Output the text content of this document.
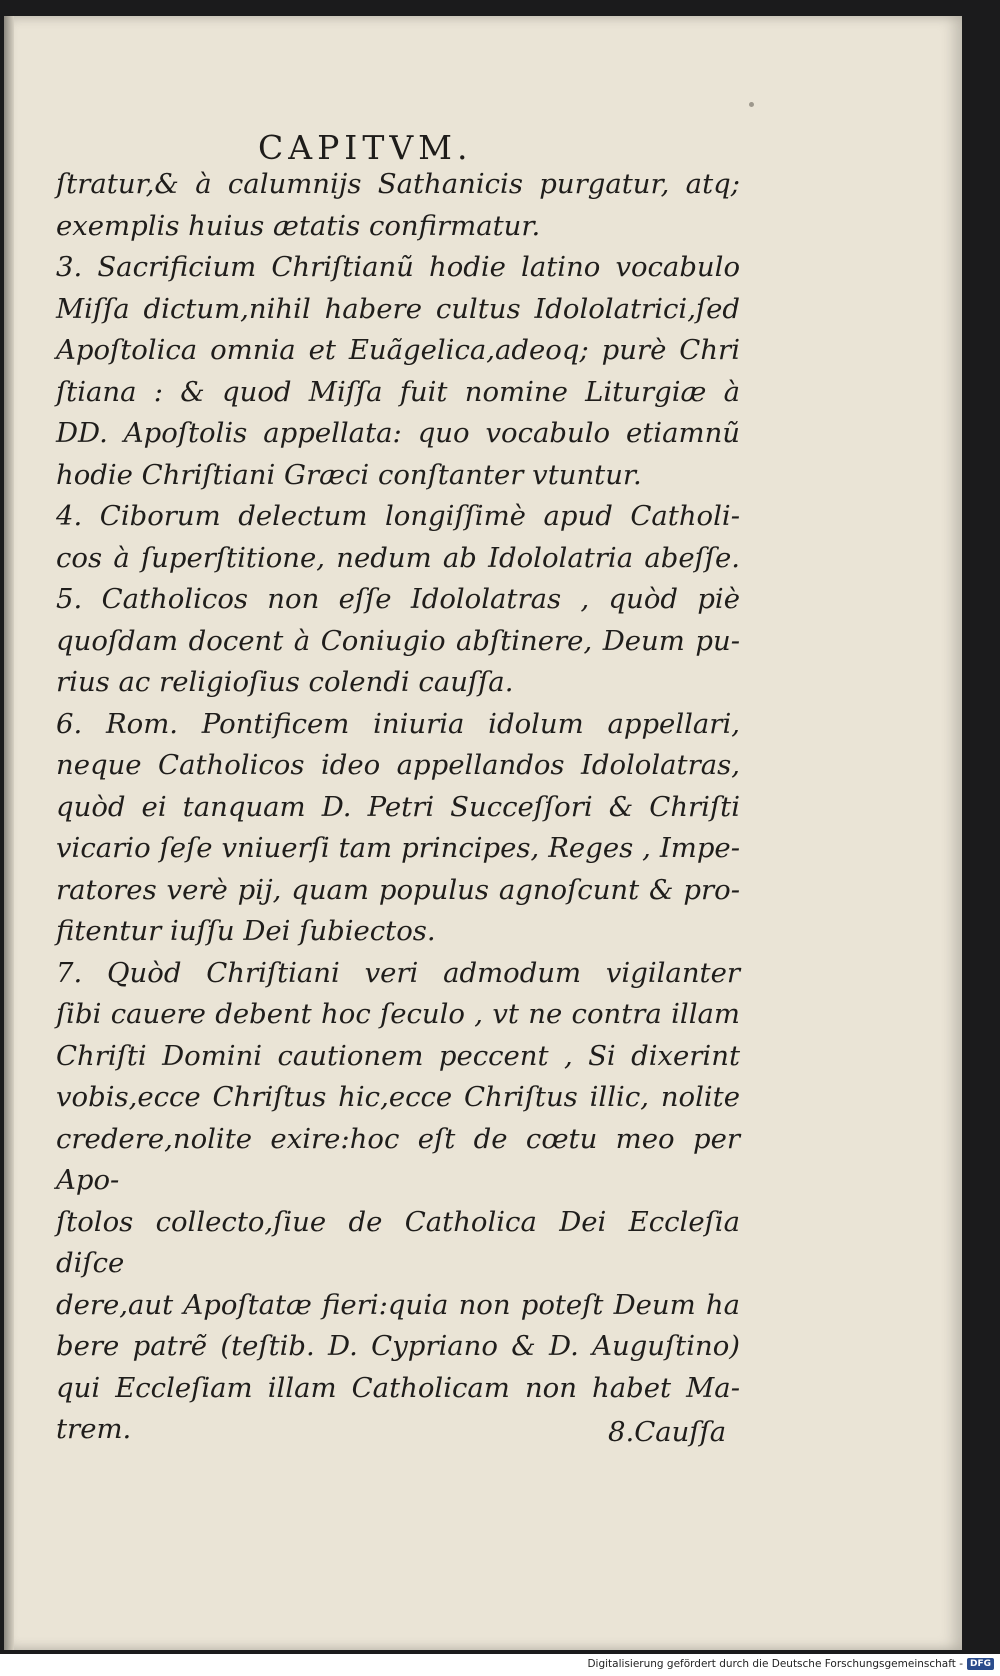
CAPITVM.
ſtratur,& à calumnijs Sathanicis purgatur, atq;
exemplis huius ætatis confirmatur.
3. Sacrificium Chriſtianũ hodie latino vocabulo
Miſſa dictum,nihil habere cultus Idololatrici,ſed
Apoſtolica omnia et Euãgelica,adeoq; purè Chri
ſtiana : & quod Miſſa fuit nomine Liturgiæ à
DD. Apoſtolis appellata: quo vocabulo etiamnũ
hodie Chriſtiani Græci conſtanter vtuntur.
4. Ciborum delectum longiſſimè apud Catholi-
cos à ſuperſtitione, nedum ab Idololatria abeſſe.
5. Catholicos non eſſe Idololatras , quòd piè
quoſdam docent à Coniugio abſtinere, Deum pu-
rius ac religioſius colendi cauſſa.
6. Rom. Pontificem iniuria idolum appellari,
neque Catholicos ideo appellandos Idololatras,
quòd ei tanquam D. Petri Succeſſori & Chriſti
vicario ſeſe vniuerſi tam principes, Reges , Impe-
ratores verè pij, quam populus agnoſcunt & pro-
fitentur iuſſu Dei ſubiectos.
7. Quòd Chriſtiani veri admodum vigilanter
ſibi cauere debent hoc ſeculo , vt ne contra illam
Chriſti Domini cautionem peccent , Si dixerint
vobis,ecce Chriſtus hic,ecce Chriſtus illic, nolite
credere,nolite exire:hoc eſt de cœtu meo per Apo-
ſtolos collecto,ſiue de Catholica Dei Eccleſia diſce
dere,aut Apoſtatæ fieri:quia non poteſt Deum ha
bere patrẽ (teſtib. D. Cypriano & D. Auguſtino)
qui Eccleſiam illam Catholicam non habet Ma-
trem.	8.Cauſſa
Digitalisierung gefördert durch die Deutsche Forschungsgemeinschaft - DFG
